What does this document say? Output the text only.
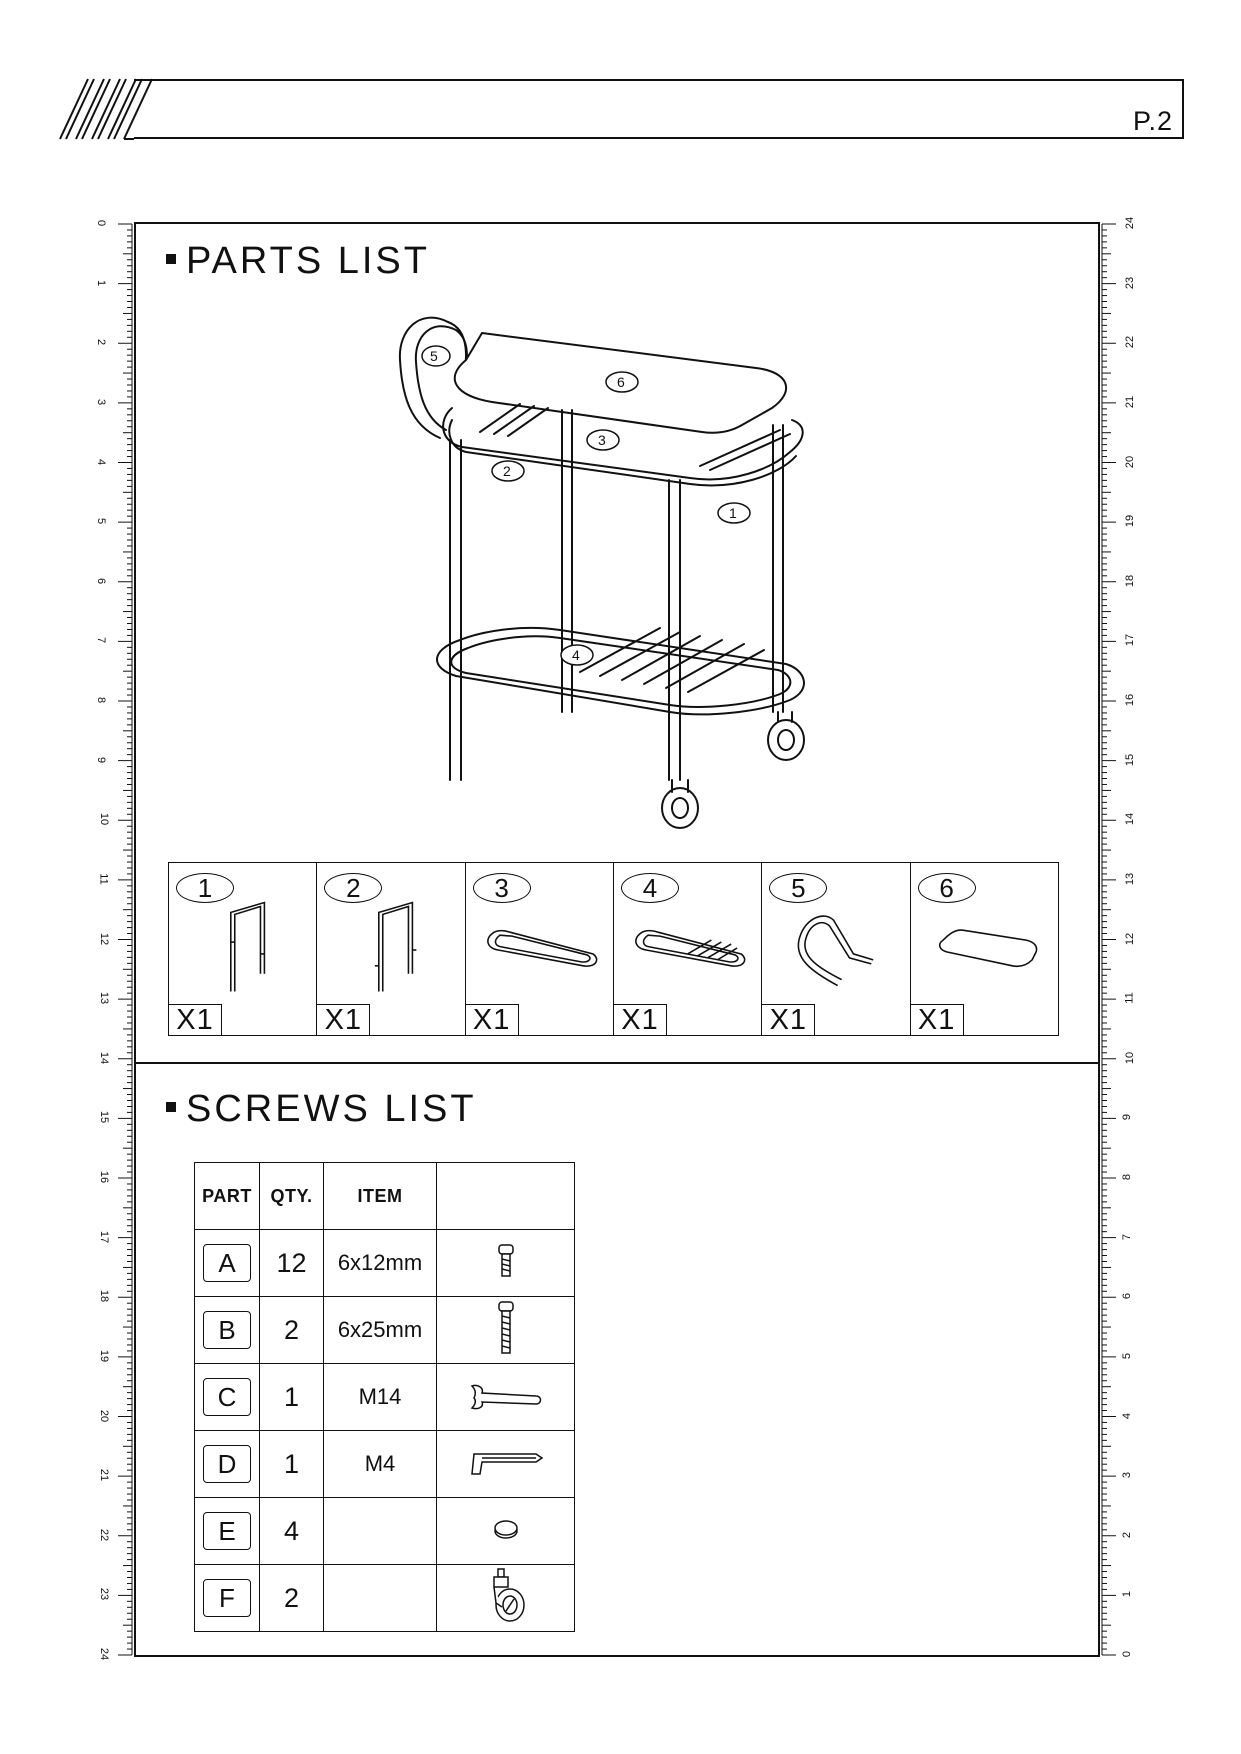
P.2
0
1
2
3
4
5
6
7
8
9
10
11
12
13
14
15
16
17
18
19
20
21
22
23
24
24
23
22
21
20
19
18
17
16
15
14
13
12
11
10
9
8
7
6
5
4
3
2
1
0
PARTS LIST
5
6
3
2
1
4
1
X1
2
X1
3
X1
4
X1
5
X1
6
X1
SCREWS LIST
PART	QTY.	ITEM	
A	12	6x12mm	
B	2	6x25mm	
C	1	M14	
D	1	M4	
E	4		
F	2		
